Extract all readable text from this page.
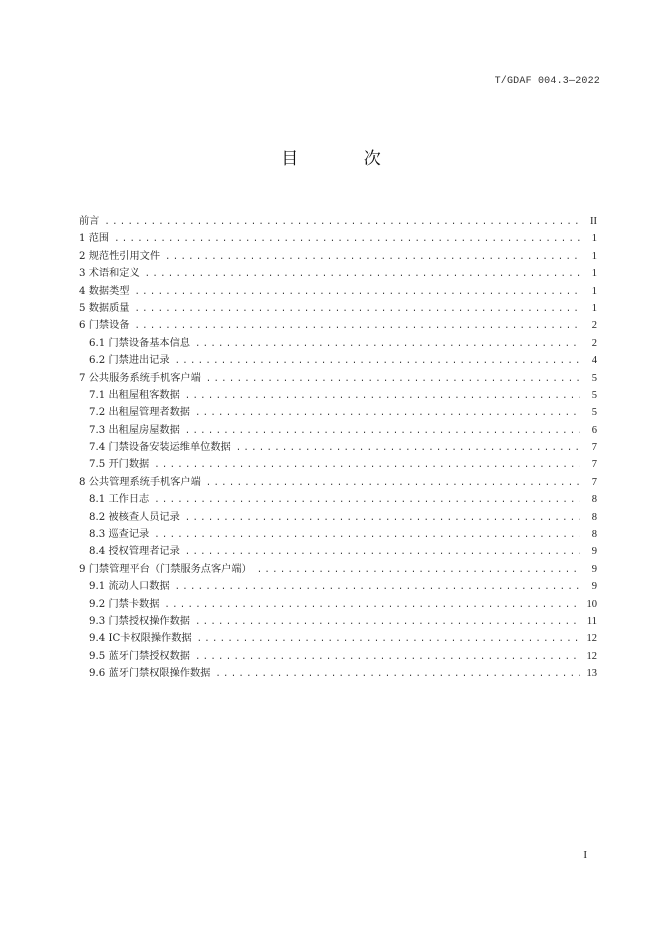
T/GDAF 004.3—2022
目 次
前言 .....	II
1 范围 .....	1
2 规范性引用文件 .....	1
3 术语和定义 .....	1
4 数据类型 .....	1
5 数据质量 .....	1
6 门禁设备 .....	2
6.1 门禁设备基本信息 .....	2
6.2 门禁进出记录 .....	4
7 公共服务系统手机客户端 .....	5
7.1 出租屋租客数据 .....	5
7.2 出租屋管理者数据 .....	5
7.3 出租屋房屋数据 .....	6
7.4 门禁设备安装运维单位数据 .....	7
7.5 开门数据 .....	7
8 公共管理系统手机客户端 .....	7
8.1 工作日志 .....	8
8.2 被核查人员记录 .....	8
8.3 巡查记录 .....	8
8.4 授权管理者记录 .....	9
9 门禁管理平台（门禁服务点客户端） .....	9
9.1 流动人口数据 .....	9
9.2 门禁卡数据 .....	10
9.3 门禁授权操作数据 .....	11
9.4 IC卡权限操作数据 .....	12
9.5 蓝牙门禁授权数据 .....	12
9.6 蓝牙门禁权限操作数据 .....	13
I
